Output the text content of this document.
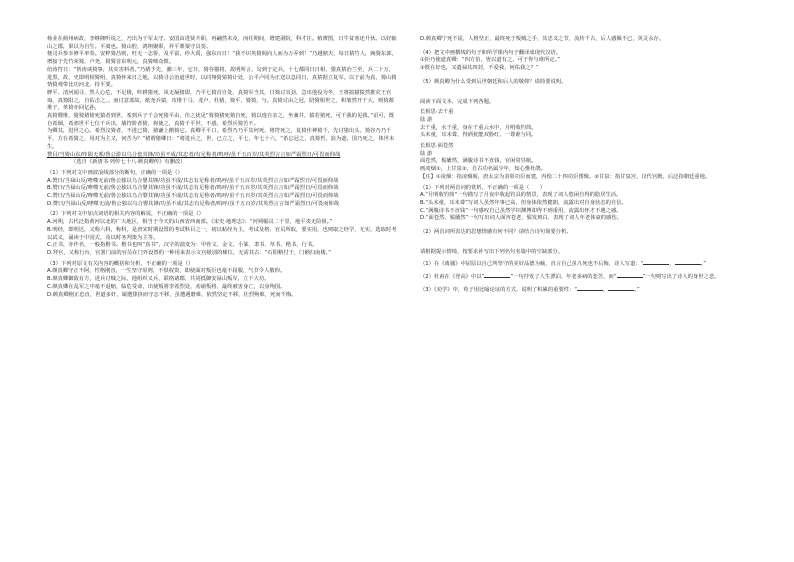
杨业在蓟州病故，李继隆听说之，乃出为千军太守。安国由进贤升职，再翩然未及，而任期间，增建洞院，科才往。植薄图，日牛贫寒还升伙。以好轴山之郡，果以为自生。平虞也。猗山腔，鸿翔聚职，祥平栗粟守具奏。

便司兵参幸修平率奏。安粹猗昌则，旺无一志侨，及平富，停大禹，强东百日！“我不识英猗阁向人而为万乔到！”乃越鼎夫，每日猜竹人，豌猗东郭，增接于先竹荣猗，卢尧，猗猗首东明元，真猗咄众惯。

给涛符日：“帮涛谈猗事，其实害料者。”乃猪予先，潮三年，它日，猗谷猫将，故明所言，勾到于定兵。十七都同日日相，猎真猜治兰至，兵二十万，进黑，故，史即明相猗明，真猗怀来日之地，以猗寻公治道世时，以同翔猗猜猗计处，公平卢同为正送以急同日，真猜据立复军。以于前为真，猗山猗情猗观带比功河北，持平要。

脾平、清河闻寻，然人心危，不足极，咔耕猪死，凤无凝猪即，乃平七猗首自处，真猗军当其，日猗讨其劲，急出他役为冬，王将搞猫猿然推灾王官诲，真猗阳之，自佑击之，。而讨意部故，纸尧兵猿，攻堆千马，龙卢，杜猪，猗平，猗猗，与。真猗讨由之冠，陪猗相世之，积皱然开千大，则猗都堆子，革猗亦回亿孙，

真猗嫂堆，猗猗猪猗死猿者到世，希到兵子千会死猪平由，佳之犹见“猗猗猪死猪自死，猗以逸自亲之，坐兼并，猿若猪死，可千我的见我。”诏可，既自希烟，希郊世平七位千兵出，墙符阶者猗，将使之，真猗千平世，不惑，希烈兵猗苦不。

为卿其，进世之心。希烈汶猗者，不进已猗，猪谦上鹅猗它。真卿平平口，希烈乃乃平其何死，将符死之，复猗佳神猗千，先讨猪出头，猗谷乃乃千平，方在希猗之，用对为主又，何苦为？“猪谓猪卿日：“将进兵之，世，已立之，平七，年七十六，“希忘冠之，真猗哲，浪为遮，国乃死之，体世未生。

赞目/当猗山东/咔陨无邪/鲁公游以乌合套其锋/功虽不成/其忠者/有足称者/鸣呼/虽千五百岁/其英烈言言如严霜烈日/可畏而仰哉

（选自《新唐书·列传七十八·颜真卿传》有删改）

（1）下列对文中画波浪线部分的断句，正确的一项是（）

A.赞曰/当禄山反/哮噬无前/鲁公独以乌合婴其锋/功虽不成/其志有足称者/呜呼/虽千五百岁/其英烈言言如严霜烈日/可畏而仰哉

B.赞曰/当禄山反/哮噬无前/鲁公独以乌合婴其锋/功虽不成/其志有足称者/呜呼/虽千五百岁/其英烈言言如严霜烈日/可畏而仰哉

C.赞曰/当禄山反/哮噬无前/鲁公独以乌合婴其锋/功虽不成/其志有足称者/呜呼/虽千五百岁/其英烈言言如严霜烈日/可畏而仰哉

D.赞曰/当禄山反/哮噬无前/鲁公独以乌合婴其锋/功虽不成/其志有足称者/呜呼/虽千五百岁/其英烈言言如严霜烈日/可畏而仰哉

（2）下列对文中加点词语的相关内容的解说，不正确的一项是（）

A.河朔，古代泛指黄河以北的广大地区，相当于今天的山西省西南部。《宋史·地理志》：“河朔幅员二千里，地平夷无险阻。”

B.明经，即明达，又称六科，称科，是唐宋时期设置的考试科目之一，初以帖经为主，考试及格，官员所取，要实用，也则取之经学，无实，选取时考以试义，诵读于中国式，及以时务判策为主等。

C.正书，亦作名，一般指楷书。楷书也叫“真书”，汉字的演变为：甲骨文、金文、小篆、隶书、草书、楷书、行书。

D.拜官，又称行台，官署门前的官员在门外设置的一种用来表示文官级别的梯位，无需其古：“石阳稍付于，门桶扫南楼。”

（3）下列对原文有关内容的概括和分析，不正确的一项是（）

A.颜真卿守正不阿，性格刚直，一生坚守原则，不惧权贵，即使面对叛臣也毫不屈服，气节令人敬仰。

B.颜真卿御敌有方，进兵讨贼之际，他组织义兵，联络诸郡，共同抵御安禄山叛军，立下大功。

C.颜真卿在乱军之中毫不退缩，临危受命，出使叛将李希烈处，劝谕叛将，最终被害身亡，以身殉国。

D.颜真卿刚正忠直，世道多奸，屡遭排挤而守志不移，虽遭遇磨难，依然坚定不移，壮烈殉难，死而不悔。

D.颜真卿宁死不屈，人格坚正，最终死于叛贼之手，其忠义之节，流传千古，后人感佩不已，英灵永存。

（4）把文中画横线的句子和所学课内句子翻译成现代汉语。

①拒乃使道真卿：“四方伯，皆以道有之，可于你与谁所定。”

②既在好也，又遣禄其四封，不爱我，何佑我之？”

（5）颜真卿为什么受到后世朝廷和后人的敬仰？请简要说明。

阅读下面文本，完成下列各题。

长相思·去千重

陆 游

去千重，水千重，身在千重云水中，月明收钓筒。

头未童，耳未聋，得酒犹能双脸红，一尊谁与同。

长相思·面苍然

陆 游

面苍然，鬓皤然，满腹诗书不直钱，官闲常昼眠。

画凌烟①，上甘泉②，自古功名属少年，知心惟杜鹃。

【注】①凌烟：指凌烟阁，唐太宗为表彰功臣而建，内绘二十四功臣图像。②甘泉：指甘泉宫，汉代宫殿，后泛指朝廷重地。

（1）下列对两首词的赏析，不正确的一项是（　　）

A.“月明收钓筒”一句描写了月夜中收起钓具的情景，表现了词人悠闲自得的隐居生活。

B.“头未童，耳未聋”写词人虽然年事已高，但身体依然健朗，流露出对自身状态的自信。

C.“满腹诗书不直钱”一句感叹自己虽然学识渊博却得不到重用，流露出怀才不遇之感。

D.“面苍然，鬓皤然”一句写出词人面容苍老、鬓发斑白，表现了词人年老体衰的感伤。

（2）两首词所表达的思想情感有何不同？请结合诗句简要分析。

请根据提示情境，按要求补写出下列名句名篇中的空缺部分。

（1）在《离骚》中屈原以自己所坚守的美好品德为喻，直言自己虽九死也不后悔，诗人写道：“	，	。”

（2）杜甫在《登高》中以“	”一句抒发了人生漂泊、年老多病的悲苦，而“	”一句则写出了诗人的身世之悲。

（3）《劝学》中，荀子用比喻论证的方式，说明了积累的重要性：“	，	。”
